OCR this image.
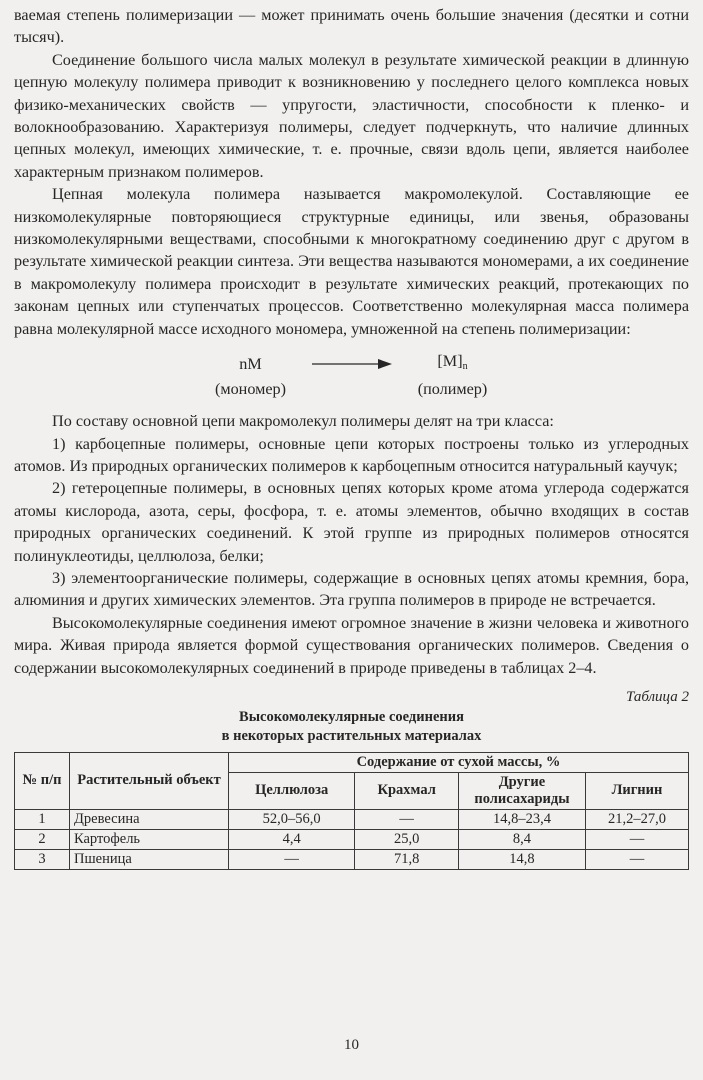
ваемая степень полимеризации — может принимать очень большие значения (десятки и сотни тысяч).

Соединение большого числа малых молекул в результате химической реакции в длинную цепную молекулу полимера приводит к возникновению у последнего целого комплекса новых физико-механических свойств — упругости, эластичности, способности к пленко- и волокнообразованию. Характеризуя полимеры, следует подчеркнуть, что наличие длинных цепных молекул, имеющих химические, т. е. прочные, связи вдоль цепи, является наиболее характерным признаком полимеров.

Цепная молекула полимера называется макромолекулой. Составляющие ее низкомолекулярные повторяющиеся структурные единицы, или звенья, образованы низкомолекулярными веществами, способными к многократному соединению друг с другом в результате химической реакции синтеза. Эти вещества называются мономерами, а их соединение в макромолекулу полимера происходит в результате химических реакций, протекающих по законам цепных или ступенчатых процессов. Соответственно молекулярная масса полимера равна молекулярной массе исходного мономера, умноженной на степень полимеризации:

nM	$[M]_n$
(мономер)	(полимер)

По составу основной цепи макромолекул полимеры делят на три класса:

1) карбоцепные полимеры, основные цепи которых построены только из углеродных атомов. Из природных органических полимеров к карбоцепным относится натуральный каучук;

2) гетероцепные полимеры, в основных цепях которых кроме атома углерода содержатся атомы кислорода, азота, серы, фосфора, т. е. атомы элементов, обычно входящих в состав природных органических соединений. К этой группе из природных полимеров относятся полинуклеотиды, целлюлоза, белки;

3) элементоорганические полимеры, содержащие в основных цепях атомы кремния, бора, алюминия и других химических элементов. Эта группа полимеров в природе не встречается.

Высокомолекулярные соединения имеют огромное значение в жизни человека и животного мира. Живая природа является формой существования органических полимеров. Сведения о содержании высокомолекулярных соединений в природе приведены в таблицах 2–4.

Таблица 2
Высокомолекулярные соединения
в некоторых растительных материалах
№ п/п	Растительный объект	Содержание от сухой массы, %			
		Целлюлоза	Крахмал	Другие полисахариды	Лигнин
1	Древесина	52,0–56,0	—	14,8–23,4	21,2–27,0
2	Картофель	4,4	25,0	8,4	—
3	Пшеница	—	71,8	14,8	—
10
